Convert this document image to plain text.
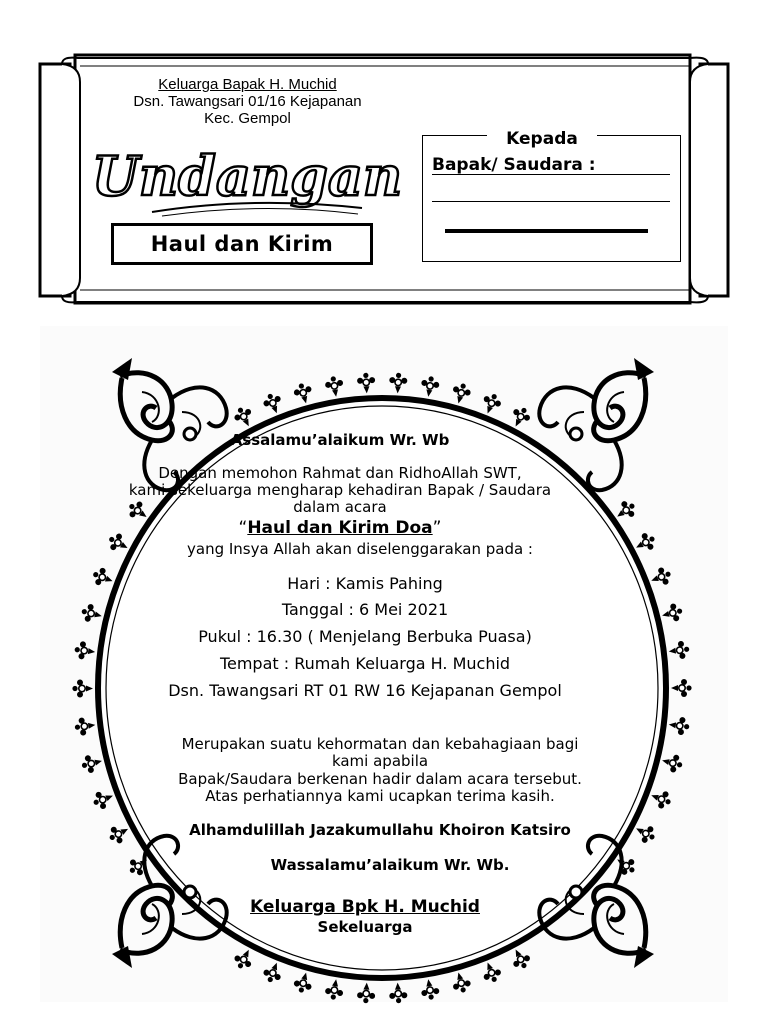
Keluarga Bapak H. Muchid
Dsn. Tawangsari 01/16 Kejapanan
Kec. Gempol
Undangan
Haul dan Kirim
Kepada
Bapak/ Saudara :
Assalamu’alaikum Wr. Wb
Dengan memohon Rahmat dan RidhoAllah SWT,
kami sekeluarga mengharap kehadiran Bapak / Saudara
dalam acara
“Haul dan Kirim Doa”
yang Insya Allah akan diselenggarakan pada :
Hari : Kamis Pahing
Tanggal : 6 Mei 2021
Pukul : 16.30 ( Menjelang Berbuka Puasa)
Tempat : Rumah Keluarga H. Muchid
Dsn. Tawangsari RT 01 RW 16 Kejapanan Gempol
Merupakan suatu kehormatan dan kebahagiaan bagi
kami apabila
Bapak/Saudara berkenan hadir dalam acara tersebut.
Atas perhatiannya kami ucapkan terima kasih.
Alhamdulillah Jazakumullahu Khoiron Katsiro
Wassalamu’alaikum Wr. Wb.
Keluarga Bpk H. Muchid
Sekeluarga
